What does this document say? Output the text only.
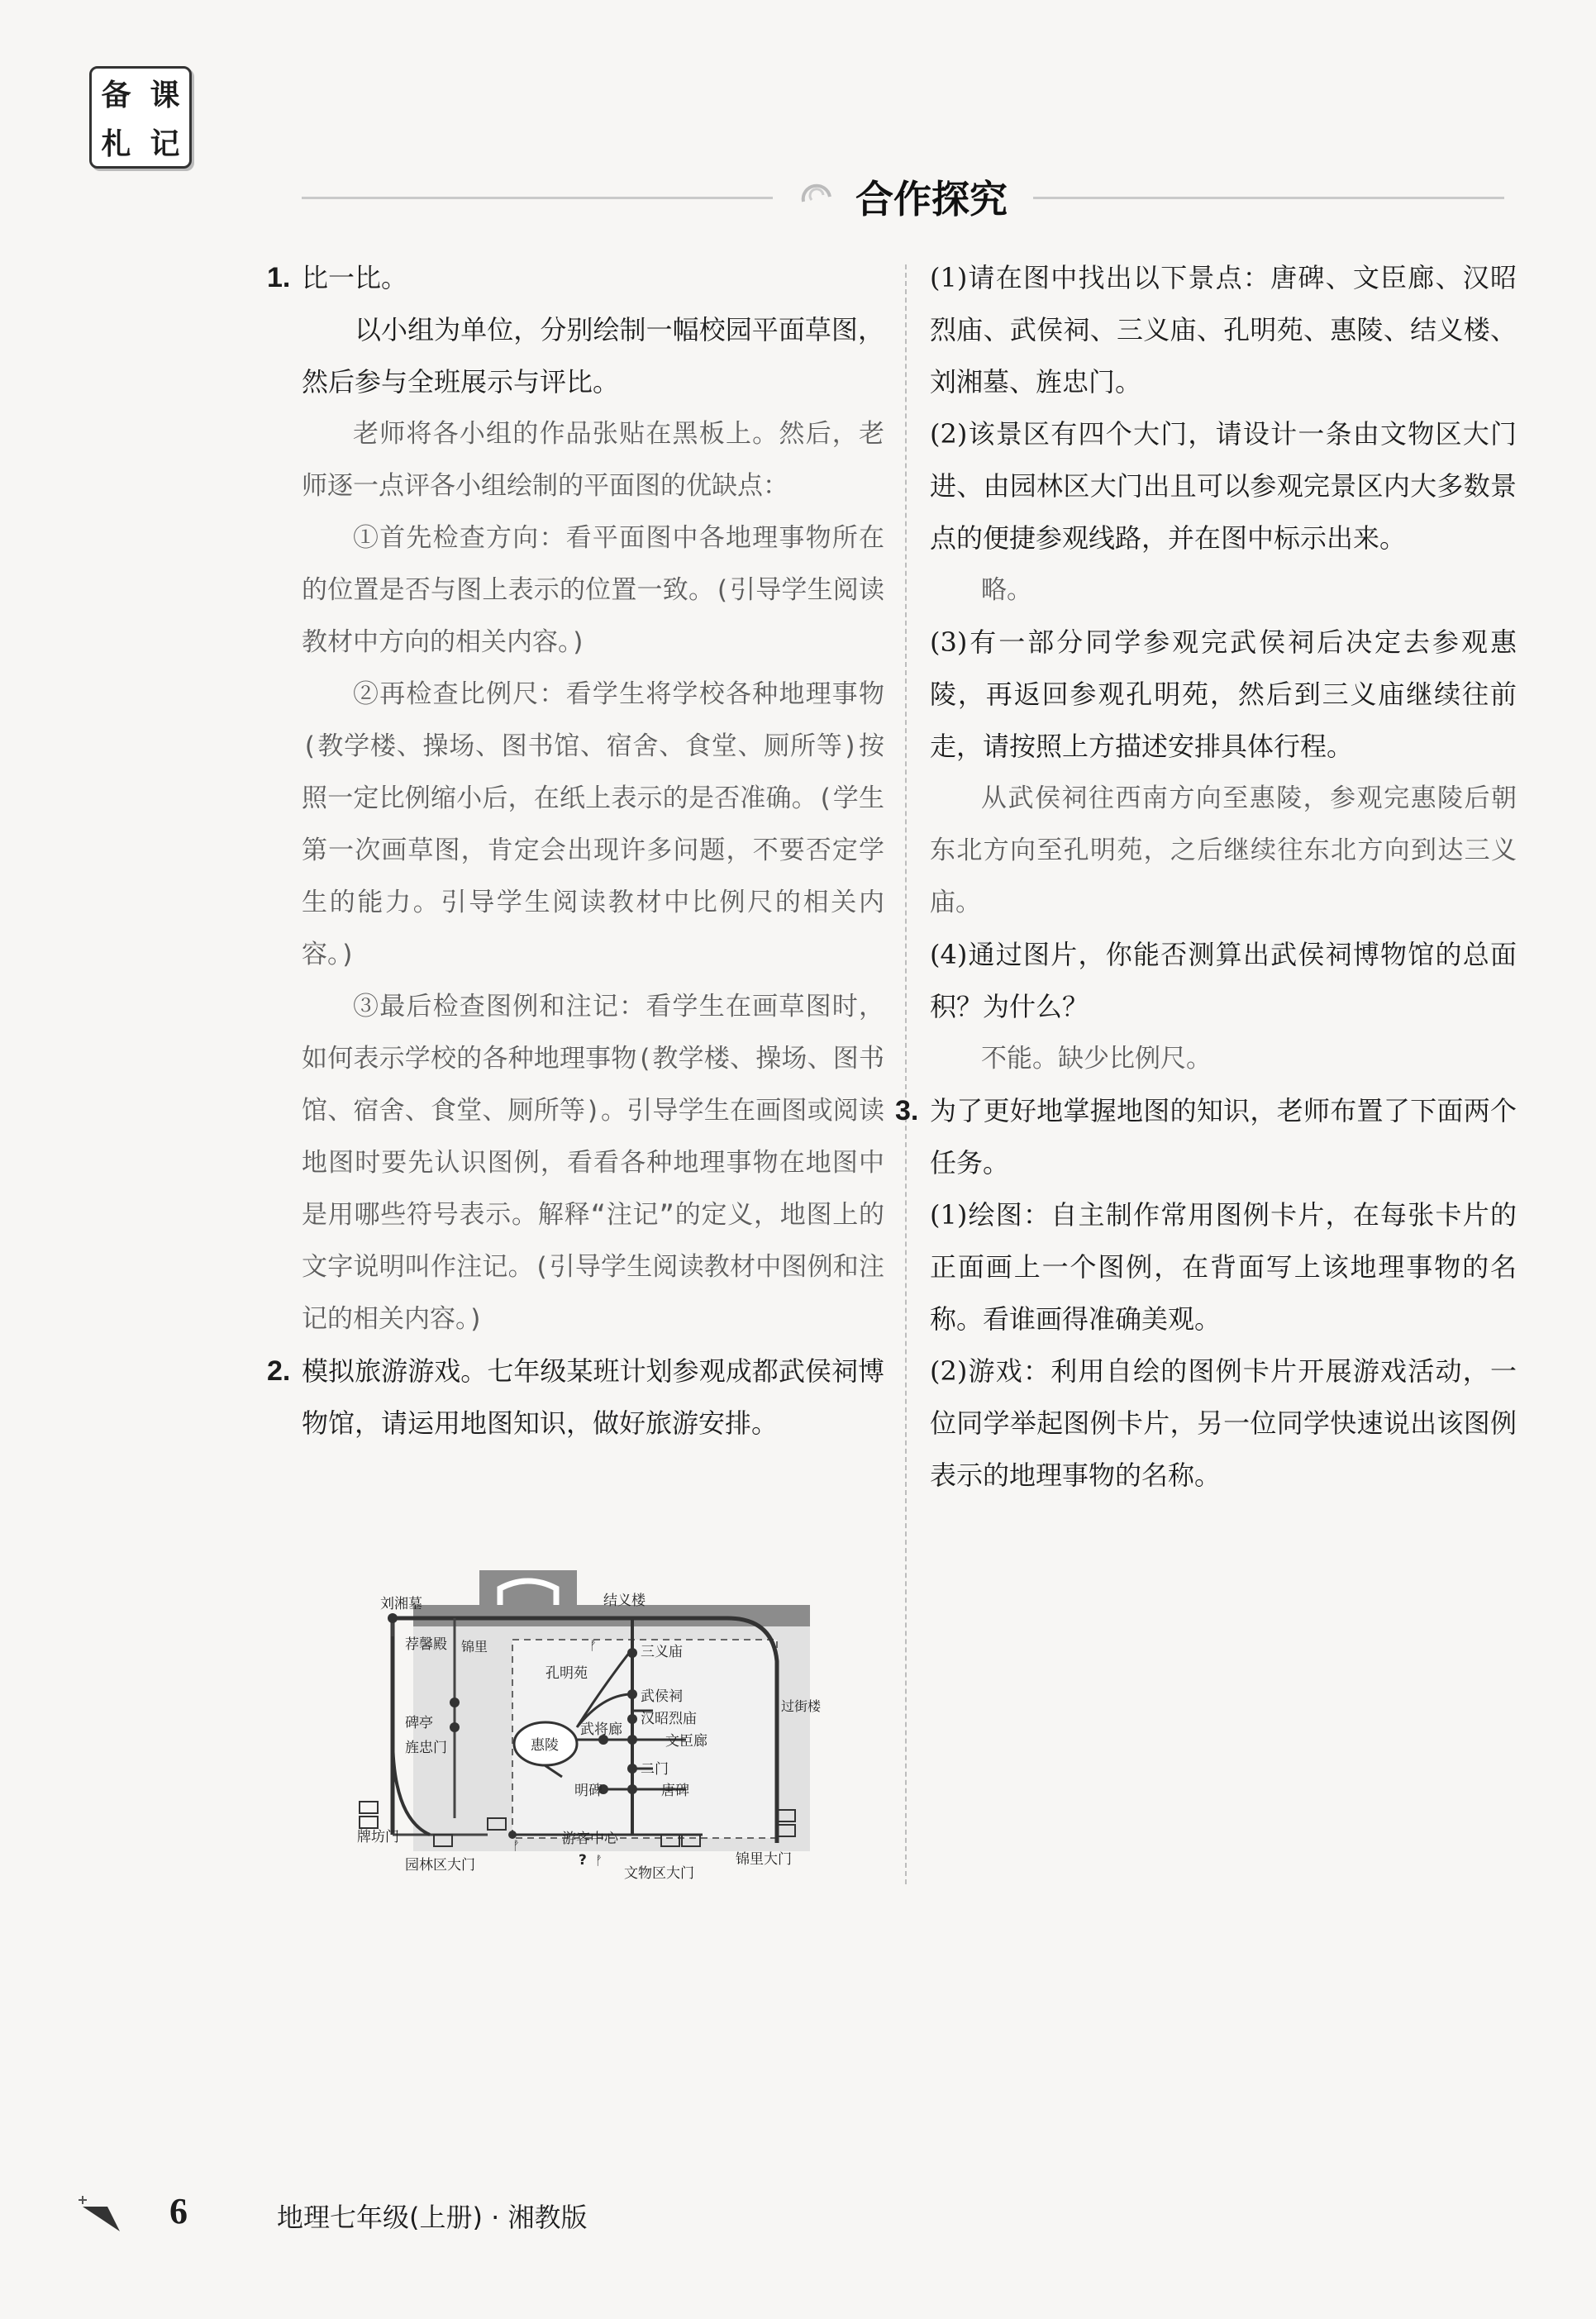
备 课
札 记
合作探究
1. 比一比。

以小组为单位，分别绘制一幅校园平面草图，然后参与全班展示与评比。

老师将各小组的作品张贴在黑板上。然后，老师逐一点评各小组绘制的平面图的优缺点：

①首先检查方向：看平面图中各地理事物所在的位置是否与图上表示的位置一致。(引导学生阅读教材中方向的相关内容。)

②再检查比例尺：看学生将学校各种地理事物(教学楼、操场、图书馆、宿舍、食堂、厕所等)按照一定比例缩小后，在纸上表示的是否准确。(学生第一次画草图，肯定会出现许多问题，不要否定学生的能力。引导学生阅读教材中比例尺的相关内容。)

③最后检查图例和注记：看学生在画草图时，如何表示学校的各种地理事物(教学楼、操场、图书馆、宿舍、食堂、厕所等)。引导学生在画图或阅读地图时要先认识图例，看看各种地理事物在地图中是用哪些符号表示。解释“注记”的定义，地图上的文字说明叫作注记。(引导学生阅读教材中图例和注记的相关内容。)

2. 模拟旅游游戏。七年级某班计划参观成都武侯祠博物馆，请运用地图知识，做好旅游安排。

刘湘墓	结义楼
荐馨殿 锦里	三义庙
孔明苑
武侯祠
碑亭	汉昭烈庙
过街楼
旌忠门
武将廊
文臣廊
惠陵
二门
明碑	唐碑
牌坊门	游客中心
锦里大门
园林区大门	文物区大门
?
ᚡ
ᚡ
ᚡ

(1)请在图中找出以下景点：唐碑、文臣廊、汉昭烈庙、武侯祠、三义庙、孔明苑、惠陵、结义楼、刘湘墓、旌忠门。

(2)该景区有四个大门，请设计一条由文物区大门进、由园林区大门出且可以参观完景区内大多数景点的便捷参观线路，并在图中标示出来。

略。

(3)有一部分同学参观完武侯祠后决定去参观惠陵，再返回参观孔明苑，然后到三义庙继续往前走，请按照上方描述安排具体行程。

从武侯祠往西南方向至惠陵，参观完惠陵后朝东北方向至孔明苑，之后继续往东北方向到达三义庙。

(4)通过图片，你能否测算出武侯祠博物馆的总面积？为什么？

不能。缺少比例尺。

3. 为了更好地掌握地图的知识，老师布置了下面两个任务。

(1)绘图：自主制作常用图例卡片，在每张卡片的正面画上一个图例，在背面写上该地理事物的名称。看谁画得准确美观。

(2)游戏：利用自绘的图例卡片开展游戏活动，一位同学举起图例卡片，另一位同学快速说出该图例表示的地理事物的名称。

6	地理七年级(上册) · 湘教版
